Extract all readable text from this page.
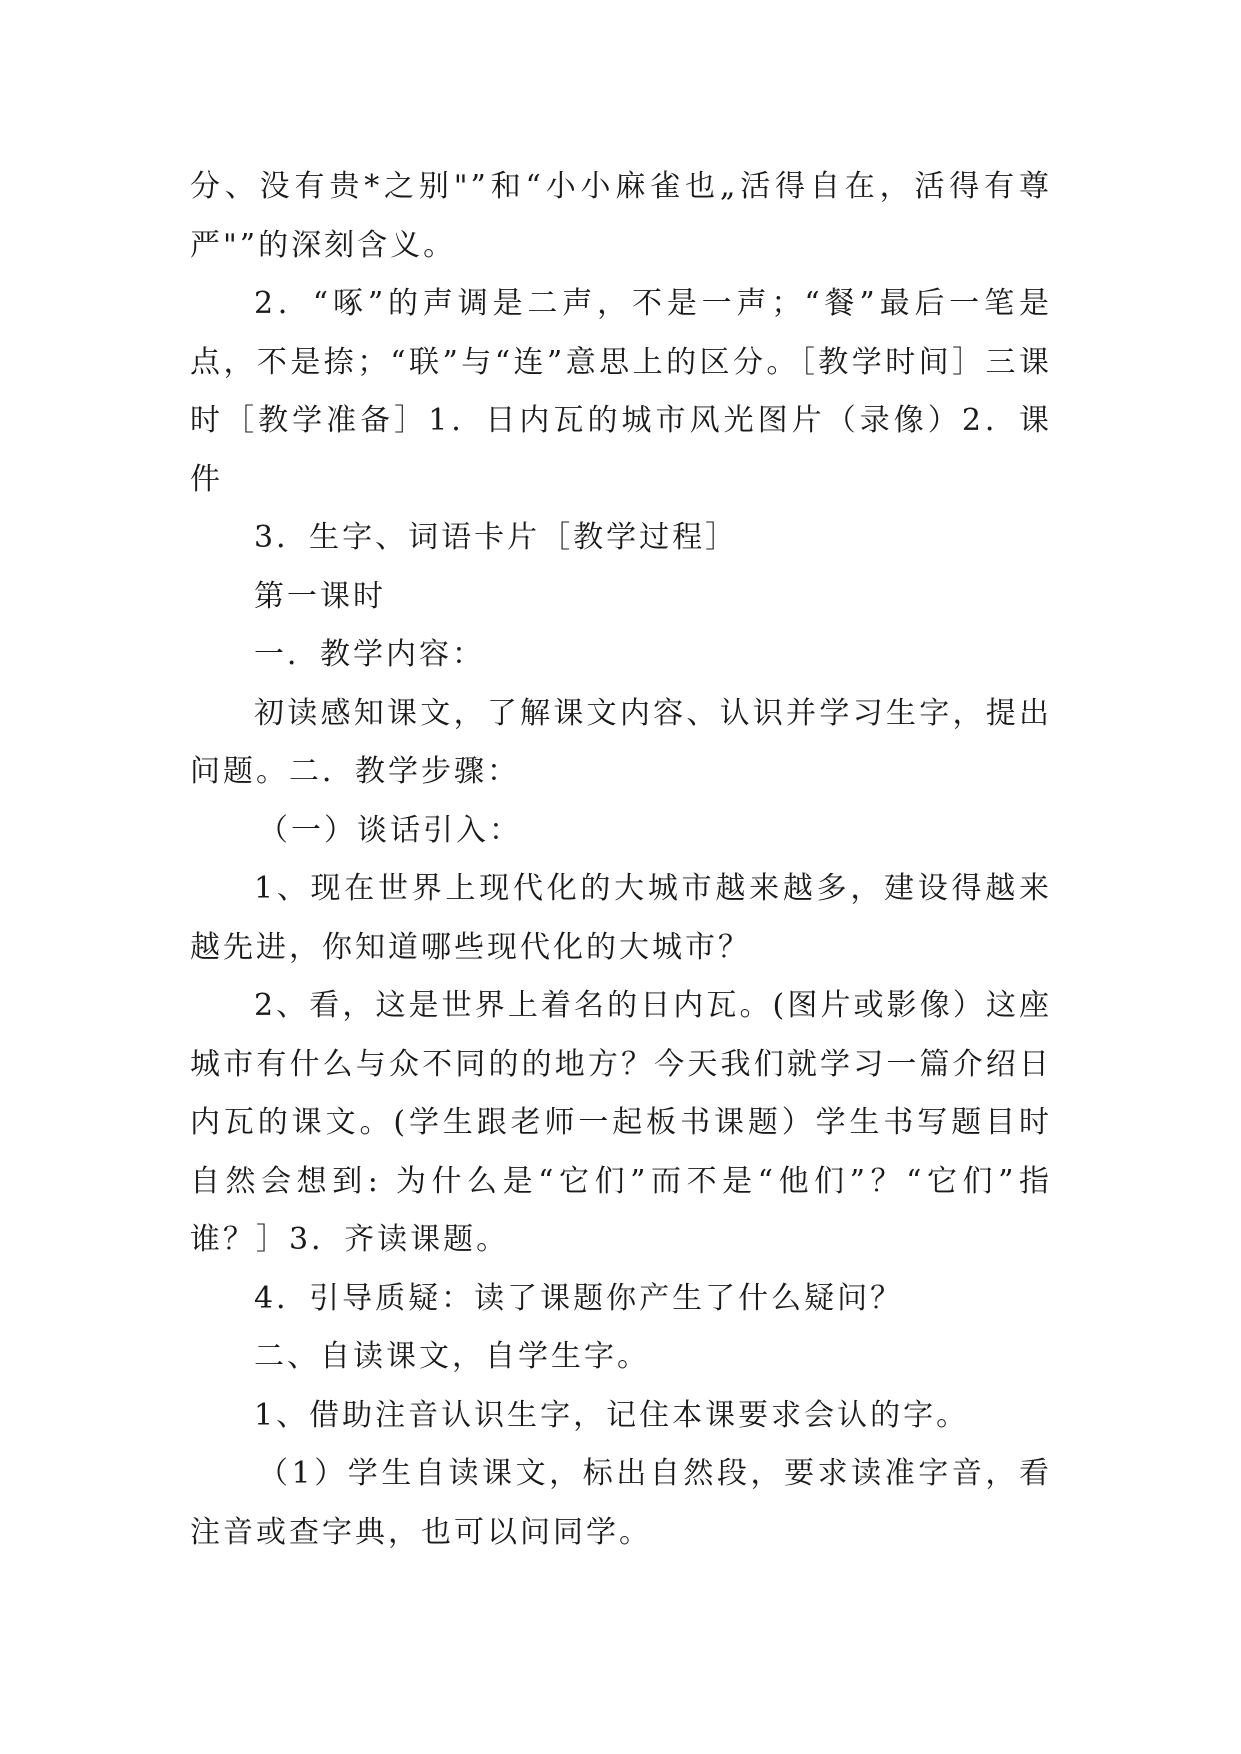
分、没有贵*之别"”和“小小麻雀也„活得自在，活得有尊严"”的深刻含义。

2．“啄”的声调是二声，不是一声；“餐”最后一笔是点，不是捺；“联”与“连”意思上的区分。［教学时间］三课时［教学准备］1．日内瓦的城市风光图片（录像）2．课件

3．生字、词语卡片［教学过程］

第一课时

一．教学内容：

初读感知课文，了解课文内容、认识并学习生字，提出问题。二．教学步骤：

（一）谈话引入：

1、现在世界上现代化的大城市越来越多，建设得越来越先进，你知道哪些现代化的大城市？

2、看，这是世界上着名的日内瓦。(图片或影像）这座城市有什么与众不同的的地方？今天我们就学习一篇介绍日内瓦的课文。(学生跟老师一起板书课题）学生书写题目时自然会想到: 为什么是“它们”而不是“他们”？“它们”指谁？］3．齐读课题。

4．引导质疑：读了课题你产生了什么疑问？

二、自读课文，自学生字。

1、借助注音认识生字，记住本课要求会认的字。

（1）学生自读课文，标出自然段，要求读准字音，看注音或查字典，也可以问同学。
